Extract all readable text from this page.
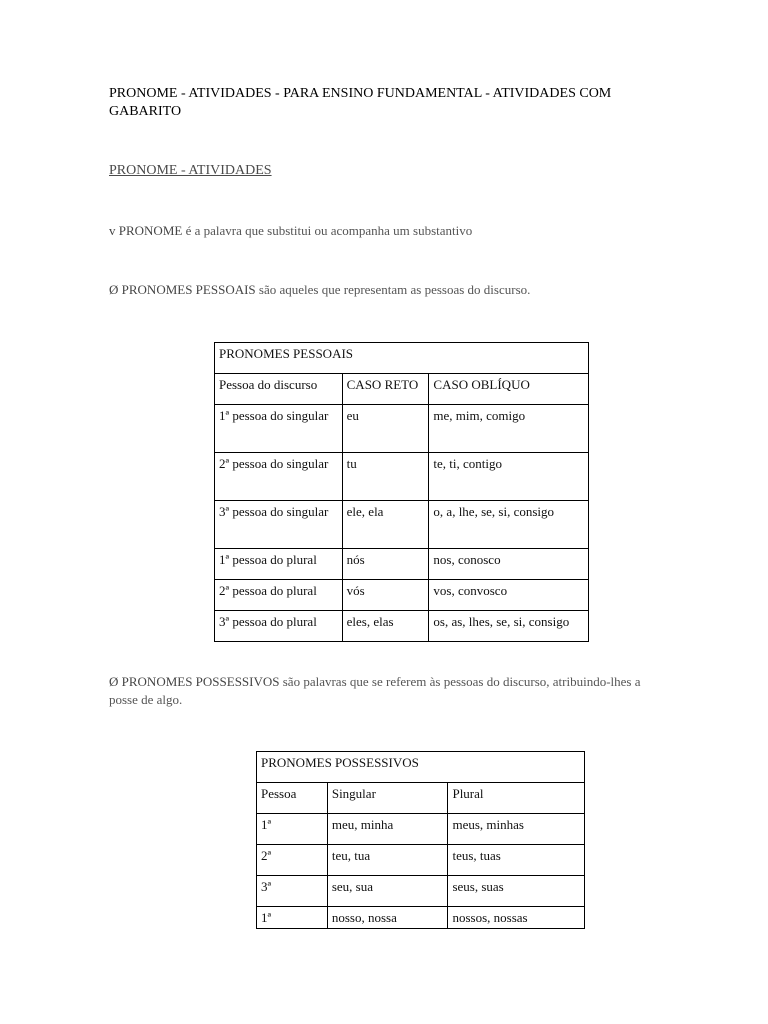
PRONOME - ATIVIDADES - PARA ENSINO FUNDAMENTAL - ATIVIDADES COM GABARITO
PRONOME - ATIVIDADES
v PRONOME é a palavra que substitui ou acompanha um substantivo
Ø PRONOMES PESSOAIS são aqueles que representam as pessoas do discurso.
PRONOMES PESSOAIS		
Pessoa do discurso	CASO RETO	CASO OBLÍQUO
1ª pessoa do singular	eu	me, mim, comigo
2ª pessoa do singular	tu	te, ti, contigo
3ª pessoa do singular	ele, ela	o, a, lhe, se, si, consigo
1ª pessoa do plural	nós	nos, conosco
2ª pessoa do plural	vós	vos, convosco
3ª pessoa do plural	eles, elas	os, as, lhes, se, si, consigo
Ø PRONOMES POSSESSIVOS são palavras que se referem às pessoas do discurso, atribuindo-lhes a posse de algo.
PRONOMES POSSESSIVOS		
Pessoa	Singular	Plural
1ª	meu, minha	meus, minhas
2ª	teu, tua	teus, tuas
3ª	seu, sua	seus, suas
1ª	nosso, nossa	nossos, nossas
